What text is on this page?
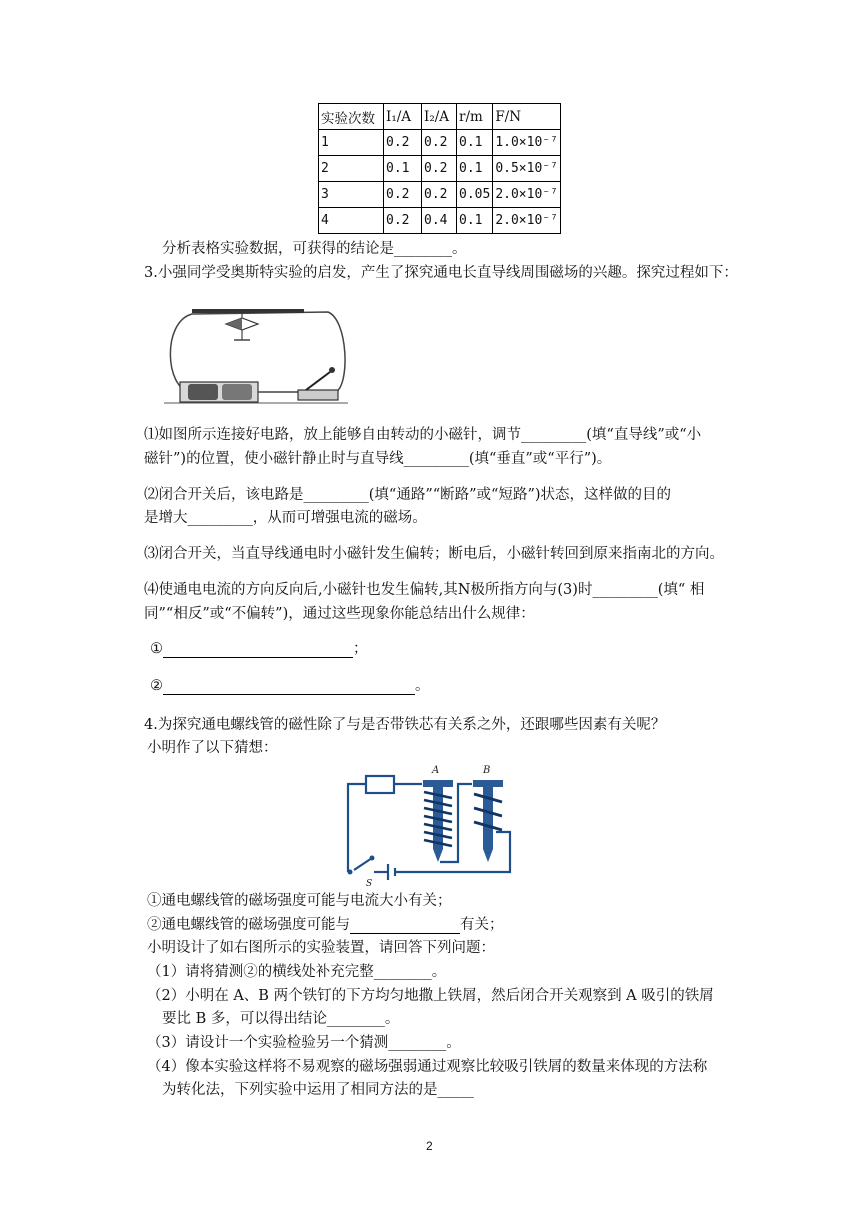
实验次数	I₁/A	I₂/A	r/m	F/N
1	0.2	0.2	0.1	1.0×10⁻⁷
2	0.1	0.2	0.1	0.5×10⁻⁷
3	0.2	0.2	0.05	2.0×10⁻⁷
4	0.2	0.4	0.1	2.0×10⁻⁷
分析表格实验数据，可获得的结论是________。
3.小强同学受奥斯特实验的启发，产生了探究通电长直导线周围磁场的兴趣。探究过程如下：
⑴如图所示连接好电路，放上能够自由转动的小磁针，调节_________(填“直导线”或“小
磁针”)的位置，使小磁针静止时与直导线_________(填“垂直”或“平行”)。
⑵闭合开关后，该电路是_________(填“通路”“断路”或“短路”)状态，这样做的目的
是增大_________，从而可增强电流的磁场。
⑶闭合开关，当直导线通电时小磁针发生偏转；断电后，小磁针转回到原来指南北的方向。
⑷使通电电流的方向反向后,小磁针也发生偏转,其N极所指方向与(3)时_________(填“ 相
同”“相反”或“不偏转”)，通过这些现象你能总结出什么规律：
①	；
②	。
4.为探究通电螺线管的磁性除了与是否带铁芯有关系之外，还跟哪些因素有关呢？
小明作了以下猜想：
A	B
S
①通电螺线管的磁场强度可能与电流大小有关；
②通电螺线管的磁场强度可能与	有关；
小明设计了如右图所示的实验装置，请回答下列问题：
（1）请将猜测②的横线处补充完整________。
（2）小明在 A、B 两个铁钉的下方均匀地撒上铁屑，然后闭合开关观察到 A 吸引的铁屑
要比 B 多，可以得出结论________。
（3）请设计一个实验检验另一个猜测________。
（4）像本实验这样将不易观察的磁场强弱通过观察比较吸引铁屑的数量来体现的方法称
为转化法，下列实验中运用了相同方法的是_____
2
